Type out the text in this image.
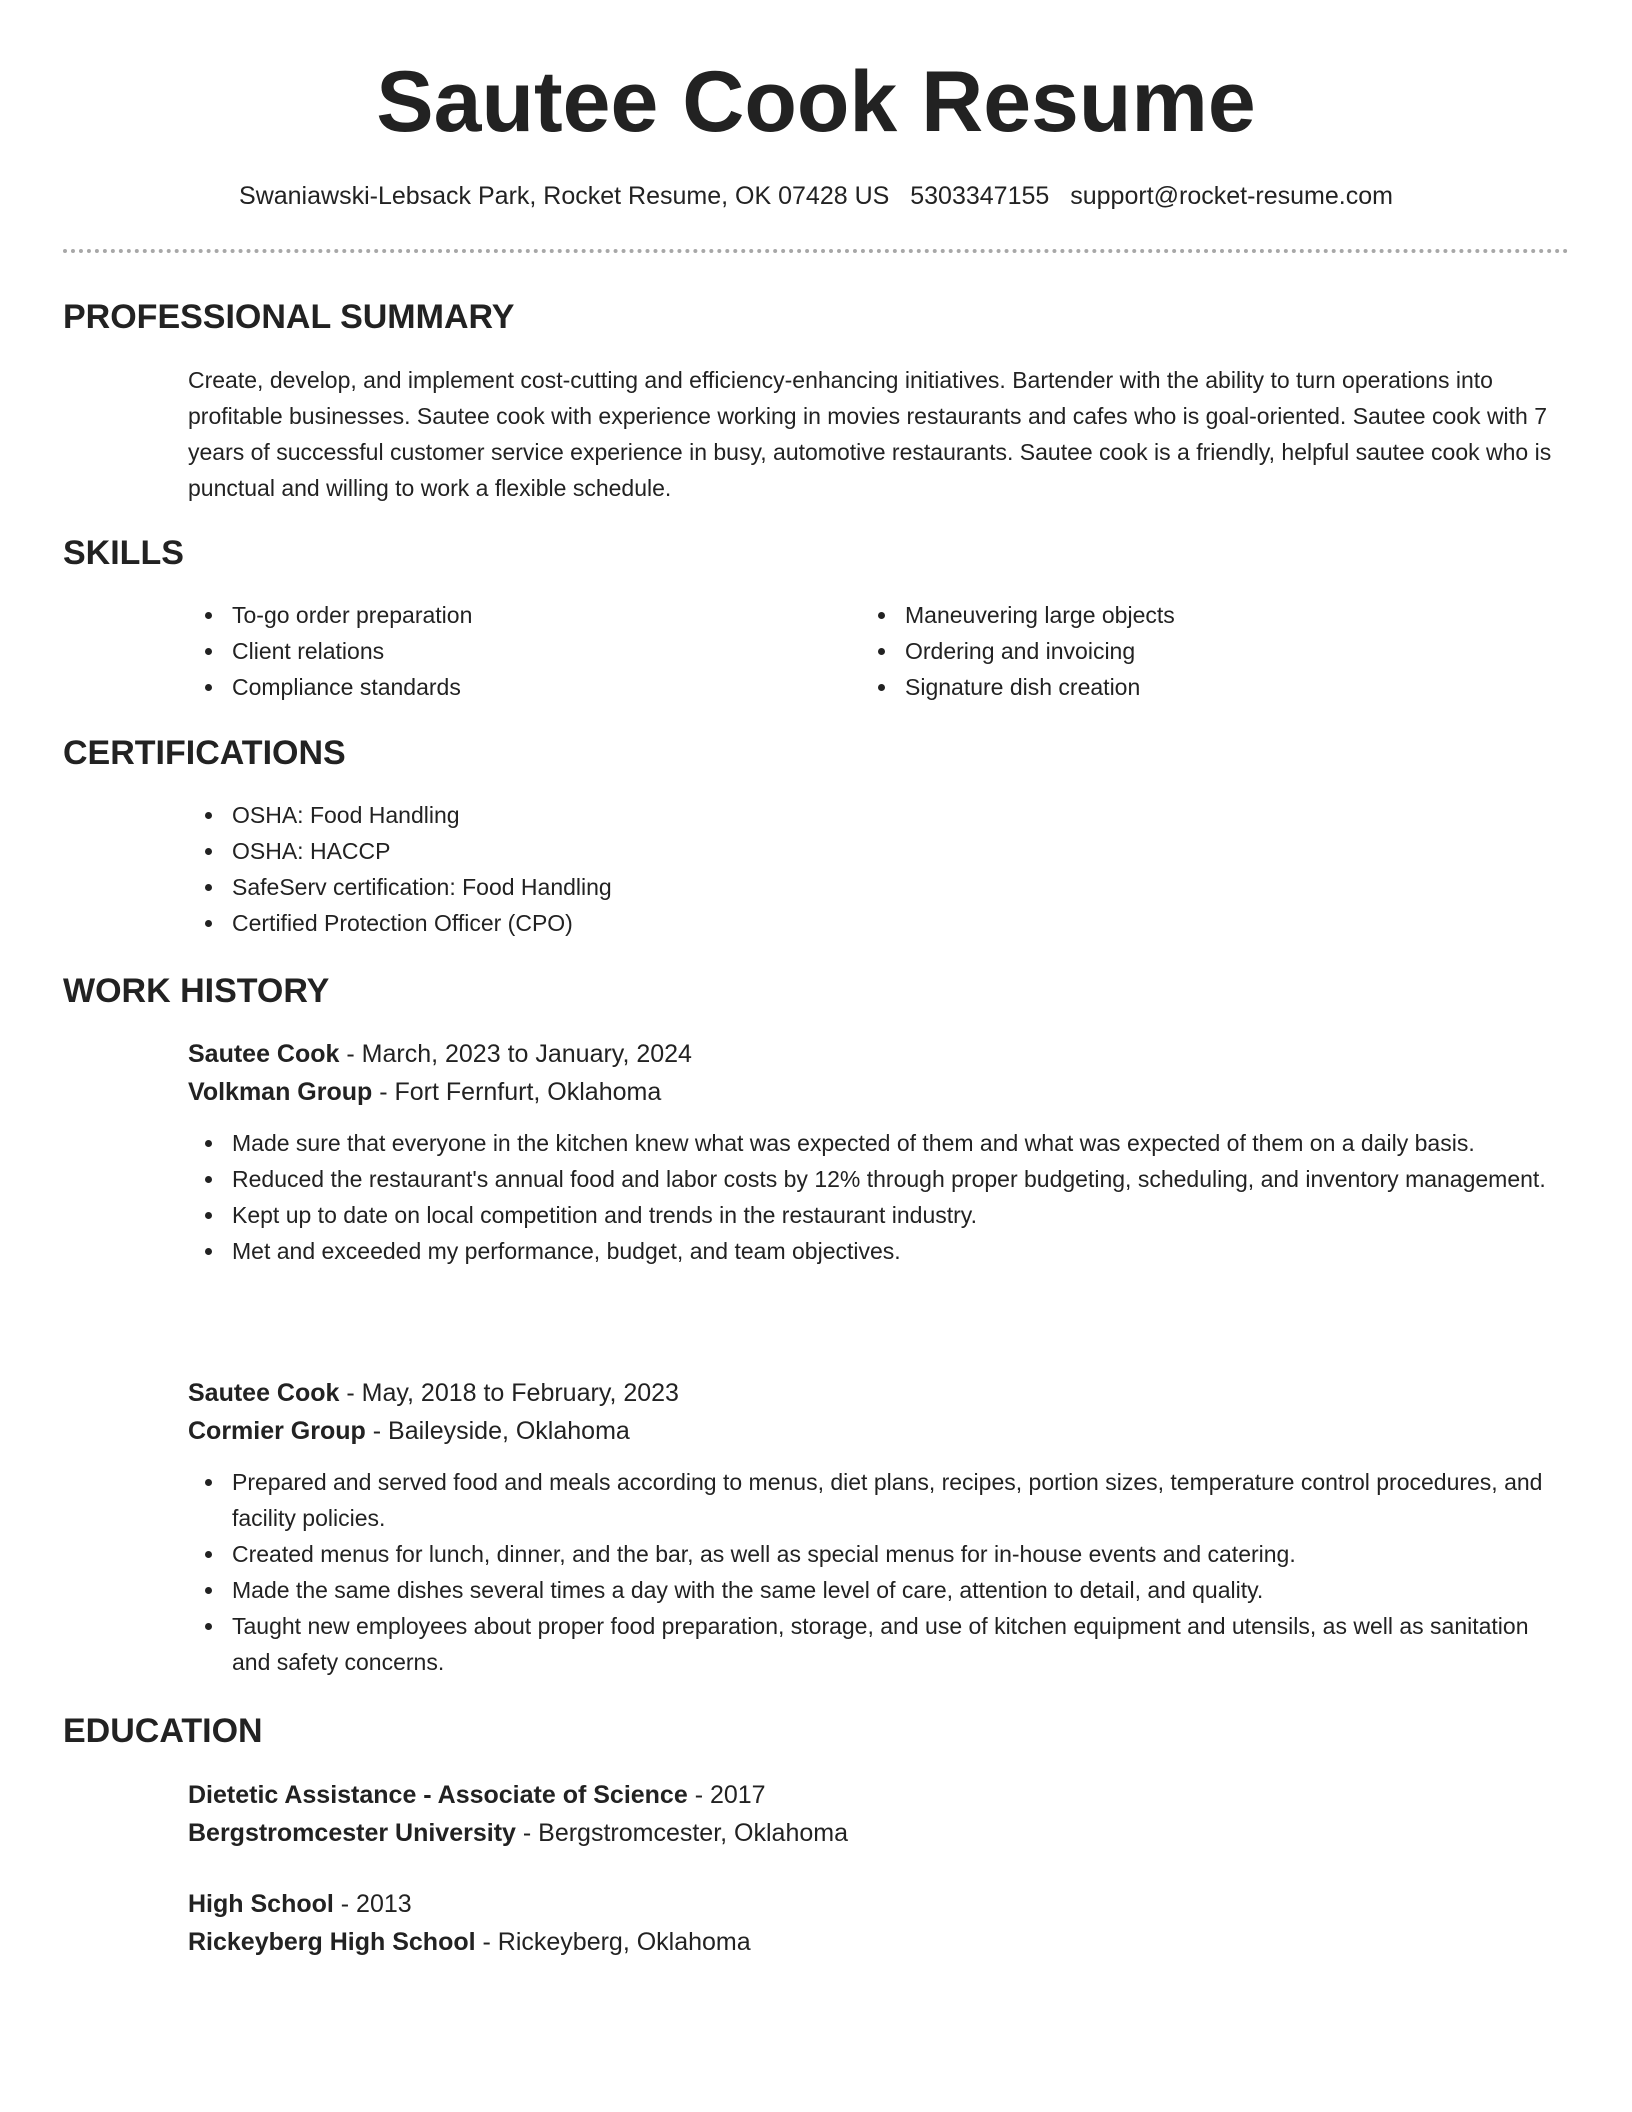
Sautee Cook Resume
Swaniawski-Lebsack Park, Rocket Resume, OK 07428 US 5303347155 support@rocket-resume.com
PROFESSIONAL SUMMARY

Create, develop, and implement cost-cutting and efficiency-enhancing initiatives. Bartender with the ability to turn operations into profitable businesses. Sautee cook with experience working in movies restaurants and cafes who is goal-oriented. Sautee cook with 7 years of successful customer service experience in busy, automotive restaurants. Sautee cook is a friendly, helpful sautee cook who is punctual and willing to work a flexible schedule.

SKILLS
To-go order preparation
Client relations
Compliance standards
Maneuvering large objects
Ordering and invoicing
Signature dish creation
CERTIFICATIONS
OSHA: Food Handling
OSHA: HACCP
SafeServ certification: Food Handling
Certified Protection Officer (CPO)
WORK HISTORY

Sautee Cook - March, 2023 to January, 2024

Volkman Group - Fort Fernfurt, Oklahoma

Made sure that everyone in the kitchen knew what was expected of them and what was expected of them on a daily basis.
Reduced the restaurant's annual food and labor costs by 12% through proper budgeting, scheduling, and inventory management.
Kept up to date on local competition and trends in the restaurant industry.
Met and exceeded my performance, budget, and team objectives.

Sautee Cook - May, 2018 to February, 2023

Cormier Group - Baileyside, Oklahoma

Prepared and served food and meals according to menus, diet plans, recipes, portion sizes, temperature control procedures, and facility policies.
Created menus for lunch, dinner, and the bar, as well as special menus for in-house events and catering.
Made the same dishes several times a day with the same level of care, attention to detail, and quality.
Taught new employees about proper food preparation, storage, and use of kitchen equipment and utensils, as well as sanitation and safety concerns.
EDUCATION

Dietetic Assistance - Associate of Science - 2017

Bergstromcester University - Bergstromcester, Oklahoma

High School - 2013

Rickeyberg High School - Rickeyberg, Oklahoma
